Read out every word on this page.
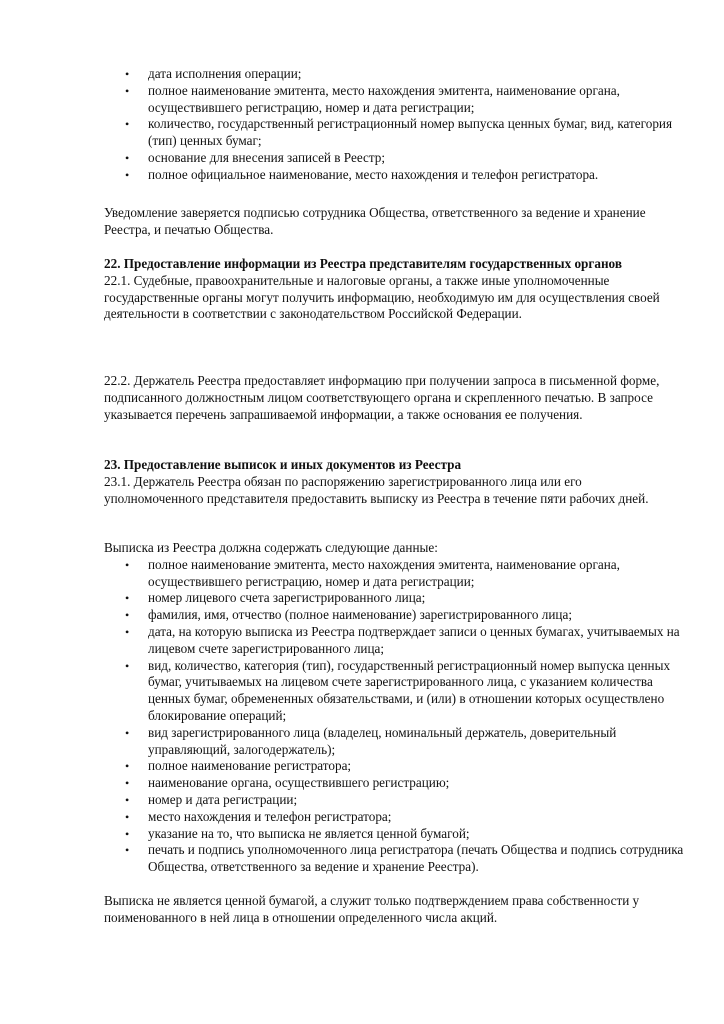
• дата исполнения операции;
• полное наименование эмитента, место нахождения эмитента, наименование органа, осуществившего регистрацию, номер и дата регистрации;
• количество, государственный регистрационный номер выпуска ценных бумаг, вид, категория (тип) ценных бумаг;
• основание для внесения записей в Реестр;
• полное официальное наименование, место нахождения и телефон регистратора.

Уведомление заверяется подписью сотрудника Общества, ответственного за ведение и хранение Реестра, и печатью Общества.

22. Предоставление информации из Реестра представителям государственных органов

22.1. Судебные, правоохранительные и налоговые органы, а также иные уполномоченные государственные органы могут получить информацию, необходимую им для осуществления своей деятельности в соответствии с законодательством Российской Федерации.

22.2. Держатель Реестра предоставляет информацию при получении запроса в письменной форме, подписанного должностным лицом соответствующего органа и скрепленного печатью. В запросе указывается перечень запрашиваемой информации, а также основания ее получения.

23. Предоставление выписок и иных документов из Реестра

23.1. Держатель Реестра обязан по распоряжению зарегистрированного лица или его уполномоченного представителя предоставить выписку из Реестра в течение пяти рабочих дней.

Выписка из Реестра должна содержать следующие данные:

• полное наименование эмитента, место нахождения эмитента, наименование органа, осуществившего регистрацию, номер и дата регистрации;
• номер лицевого счета зарегистрированного лица;
• фамилия, имя, отчество (полное наименование) зарегистрированного лица;
• дата, на которую выписка из Реестра подтверждает записи о ценных бумагах, учитываемых на лицевом счете зарегистрированного лица;
• вид, количество, категория (тип), государственный регистрационный номер выпуска ценных бумаг, учитываемых на лицевом счете зарегистрированного лица, с указанием количества ценных бумаг, обремененных обязательствами, и (или) в отношении которых осуществлено блокирование операций;
• вид зарегистрированного лица (владелец, номинальный держатель, доверительный управляющий, залогодержатель);
• полное наименование регистратора;
• наименование органа, осуществившего регистрацию;
• номер и дата регистрации;
• место нахождения и телефон регистратора;
• указание на то, что выписка не является ценной бумагой;
• печать и подпись уполномоченного лица регистратора (печать Общества и подпись сотрудника Общества, ответственного за ведение и хранение Реестра).

Выписка не является ценной бумагой, а служит только подтверждением права собственности у поименованного в ней лица в отношении определенного числа акций.
